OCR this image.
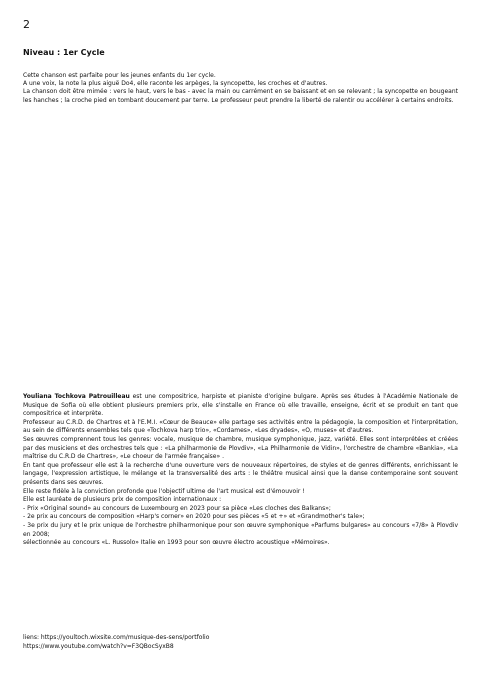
2
Niveau : 1er Cycle

Cette chanson est parfaite pour les jeunes enfants du 1er cycle.

A une voix, la note la plus aiguë Do4, elle raconte les arpèges, la syncopette, les croches et d'autres.

La chanson doit être mimée : vers le haut, vers le bas - avec la main ou carrément en se baissant et en se relevant ; la syncopette en bougeant les hanches ; la croche pied en tombant doucement par terre. Le professeur peut prendre la liberté de ralentir ou accélérer à certains endroits.

Youliana Tochkova Patrouilleau est une compositrice, harpiste et pianiste d'origine bulgare. Après ses études à l'Académie Nationale de Musique de Sofia où elle obtient plusieurs premiers prix, elle s'installe en France où elle travaille, enseigne, écrit et se produit en tant que compositrice et interprète.

Professeur au C.R.D. de Chartres et à l'E.M.I. «Cœur de Beauce» elle partage ses activités entre la pédagogie, la composition et l'interprétation, au sein de différents ensembles tels que «Tochkova harp trio», «Cordames», «Les dryades», «O, muses» et d'autres.

Ses œuvres comprennent tous les genres: vocale, musique de chambre, musique symphonique, jazz, variété. Elles sont interprétées et créées par des musiciens et des orchestres tels que : «La philharmonie de Plovdiv», «La Philharmonie de Vidin», l'orchestre de chambre «Bankia», «La maîtrise du C.R.D de Chartres», «Le choeur de l'armée française» .

En tant que professeur elle est à la recherche d'une ouverture vers de nouveaux répertoires, de styles et de genres différents, enrichissant le langage, l'expression artistique, le mélange et la transversalité des arts : le théâtre musical ainsi que la danse contemporaine sont souvent présents dans ses œuvres.

Elle reste fidèle à la conviction profonde que l'objectif ultime de l'art musical est d'émouvoir !

Elle est lauréate de plusieurs prix de composition internationaux :

- Prix «Original sound» au concours de Luxembourg en 2023 pour sa pièce «Les cloches des Balkans»;

- 2e prix au concours de composition «Harp's corner» en 2020 pour ses pièces «5 et +» et «Grandmother's tale»;

- 3e prix du jury et le prix unique de l'orchestre philharmonique pour son œuvre symphonique «Parfums bulgares» au concours «7/8» à Plovdiv en 2008;

sélectionnée au concours «L. Russolo» Italie en 1993 pour son œuvre électro acoustique «Mémoires».

liens: https://youltoch.wixsite.com/musique-des-sens/portfolio

https://www.youtube.com/watch?v=F3QBocSyxB8
